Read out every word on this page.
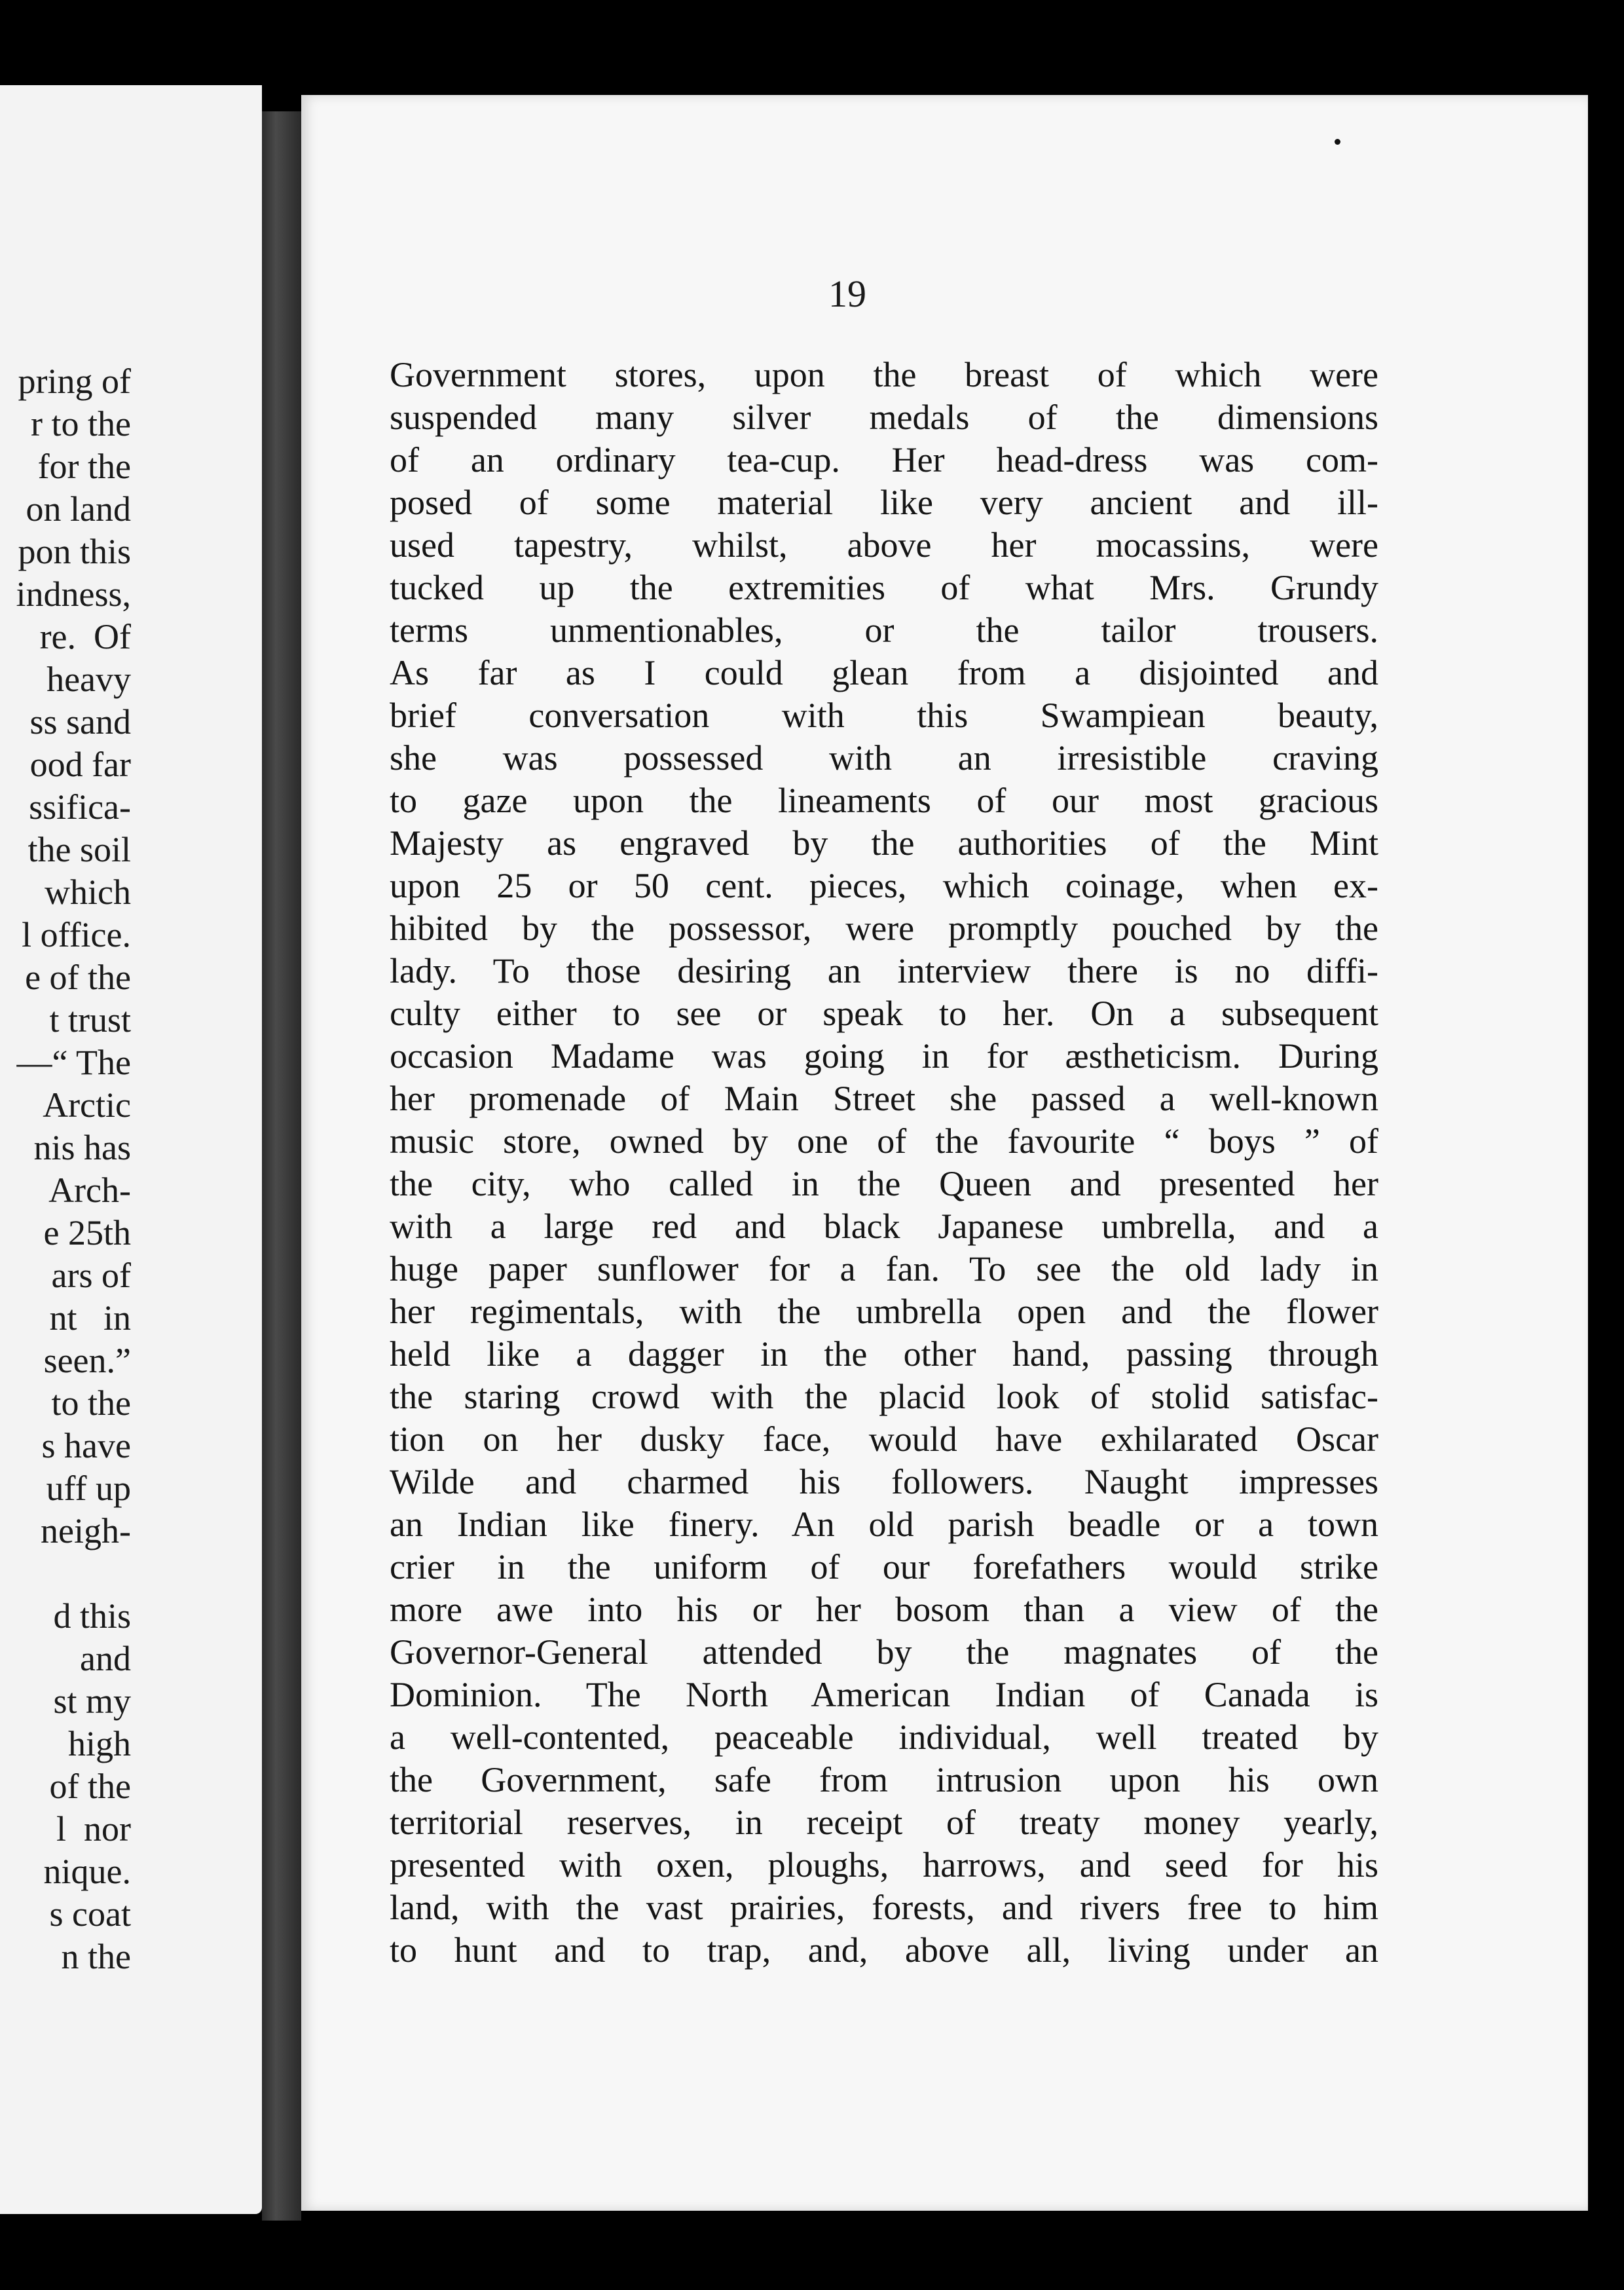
pring of
r to the
for the
on land
pon this
indness,
re.  Of
heavy
ss sand
ood far
ssifica-
the soil
which
l office.
e of the
t trust
—“ The
Arctic
nis has
Arch-
e 25th
ars of
nt   in
seen.”
to the
s have
uff up
neigh-

d this
and
st my
high
of the
l  nor
nique.
s coat
n the
19
Government stores, upon the breast of which were
suspended many silver medals of the dimensions
of an ordinary tea-cup. Her head-dress was com-
posed of some material like very ancient and ill-
used tapestry, whilst, above her mocassins, were
tucked up the extremities of what Mrs. Grundy
terms unmentionables, or the tailor trousers.
As far as I could glean from a disjointed and
brief conversation with this Swampiean beauty,
she was possessed with an irresistible craving
to gaze upon the lineaments of our most gracious
Majesty as engraved by the authorities of the Mint
upon 25 or 50 cent. pieces, which coinage, when ex-
hibited by the possessor, were promptly pouched by the
lady. To those desiring an interview there is no diffi-
culty either to see or speak to her. On a subsequent
occasion Madame was going in for æstheticism. During
her promenade of Main Street she passed a well-known
music store, owned by one of the favourite “ boys ” of
the city, who called in the Queen and presented her
with a large red and black Japanese umbrella, and a
huge paper sunflower for a fan. To see the old lady in
her regimentals, with the umbrella open and the flower
held like a dagger in the other hand, passing through
the staring crowd with the placid look of stolid satisfac-
tion on her dusky face, would have exhilarated Oscar
Wilde and charmed his followers. Naught impresses
an Indian like finery. An old parish beadle or a town
crier in the uniform of our forefathers would strike
more awe into his or her bosom than a view of the
Governor-General attended by the magnates of the
Dominion. The North American Indian of Canada is
a well-contented, peaceable individual, well treated by
the Government, safe from intrusion upon his own
territorial reserves, in receipt of treaty money yearly,
presented with oxen, ploughs, harrows, and seed for his
land, with the vast prairies, forests, and rivers free to him
to hunt and to trap, and, above all, living under an
